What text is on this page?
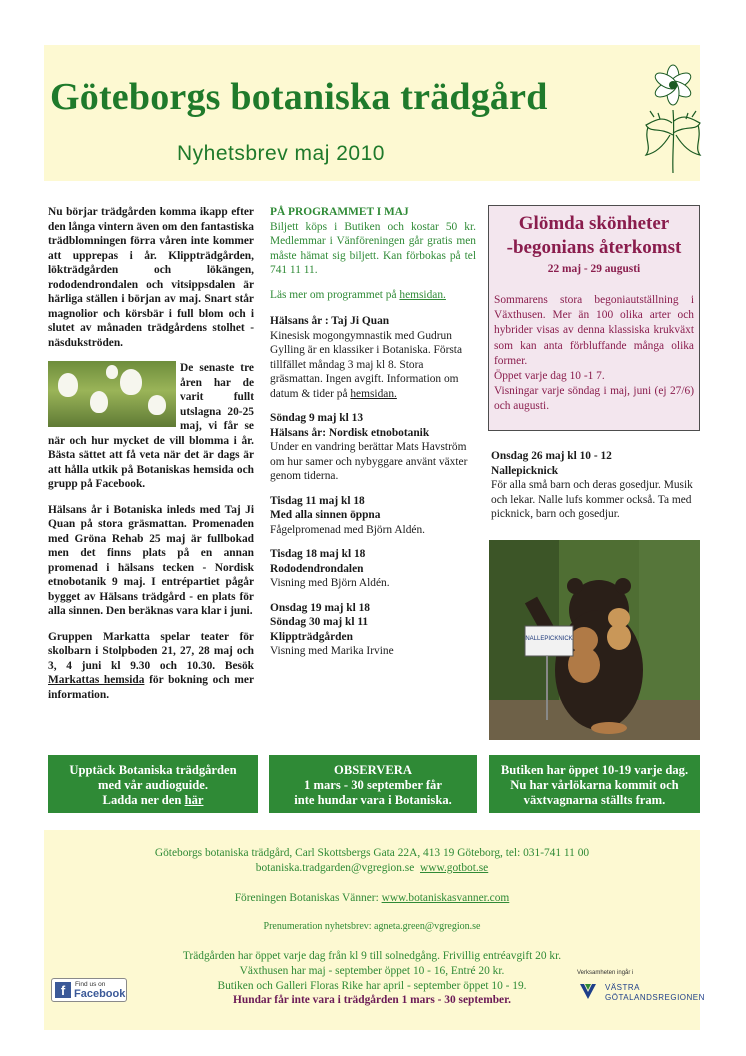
Göteborgs botaniska trädgård
Nyhetsbrev maj 2010

Nu börjar trädgården komma ikapp efter den långa vintern även om den fantastiska trädblomningen förra våren inte kommer att upprepas i år. Klippträdgården, lökträdgården och lökängen, rododendrondalen och vitsippsdalen är härliga ställen i början av maj. Snart står magnolior och körsbär i full blom och i slutet av månaden trädgårdens stolhet - näsdukströden.

De senaste tre åren har de varit fullt utslagna 20-25 maj, vi får se när och hur mycket de vill blomma i år. Bästa sättet att få veta när det är dags är att hålla utkik på Botaniskas hemsida och grupp på Facebook.

Hälsans år i Botaniska inleds med Taj Ji Quan på stora gräsmattan. Promenaden med Gröna Rehab 25 maj är fullbokad men det finns plats på en annan promenad i hälsans tecken - Nordisk etnobotanik 9 maj. I entrépartiet pågår bygget av Hälsans trädgård - en plats för alla sinnen. Den beräknas vara klar i juni.

Gruppen Markatta spelar teater för skolbarn i Stolpboden 21, 27, 28 maj och 3, 4 juni kl 9.30 och 10.30. Besök Markattas hemsida för bokning och mer information.

PÅ PROGRAMMET I MAJ
Biljett köps i Butiken och kostar 50 kr. Medlemmar i Vänföreningen går gratis men måste hämat sig biljett. Kan förbokas på tel 741 11 11.
Läs mer om programmet på hemsidan.
Hälsans år : Taj Ji Quan
Kinesisk mogongymnastik med Gudrun Gylling är en klassiker i Botaniska. Första tillfället måndag 3 maj kl 8. Stora gräsmattan. Ingen avgift. Information om datum & tider på hemsidan.
Söndag 9 maj kl 13
Hälsans år: Nordisk etnobotanik
Under en vandring berättar Mats Havström om hur samer och nybyggare använt växter genom tiderna.
Tisdag 11 maj kl 18
Med alla sinnen öppna
Fågelpromenad med Björn Aldén.
Tisdag 18 maj kl 18
Rododendrondalen
Visning med Björn Aldén.
Onsdag 19 maj kl 18
Söndag 30 maj kl 11
Klippträdgården
Visning med Marika Irvine
Glömda skönheter
-begonians återkomst
22 maj - 29 augusti

Sommarens stora begoniautställning i Växthusen. Mer än 100 olika arter och hybrider visas av denna klassiska krukväxt som kan anta förbluffande många olika former.

Öppet varje dag 10 -1 7.

Visningar varje söndag i maj, juni (ej 27/6) och augusti.

Onsdag 26 maj kl 10 - 12
Nallepicknick
För alla små barn och deras gosedjur. Musik och lekar. Nalle lufs kommer också. Ta med picknick, barn och gosedjur.
NALLEPICKNICK
Upptäck Botaniska trädgården
med vår audioguide.
Ladda ner den här
OBSERVERA
1 mars - 30 september får
inte hundar vara i Botaniska.
Butiken har öppet 10-19 varje dag.
Nu har vårlökarna kommit och
växtvagnarna ställts fram.
Göteborgs botaniska trädgård, Carl Skottsbergs Gata 22A, 413 19 Göteborg, tel: 031-741 11 00
botaniska.tradgarden@vgregion.se www.gotbot.se
Föreningen Botaniskas Vänner: www.botaniskasvanner.com
Prenumeration nyhetsbrev: agneta.green@vgregion.se
Trädgården har öppet varje dag från kl 9 till solnedgång. Frivillig entréavgift 20 kr.
Växthusen har maj - september öppet 10 - 16, Entré 20 kr.
Butiken och Galleri Floras Rike har april - september öppet 10 - 19.
Hundar får inte vara i trädgården 1 mars - 30 september.
f	Find us on
Facebook
Verksamheten ingår i
VÄSTRA
GÖTALANDSREGIONEN
